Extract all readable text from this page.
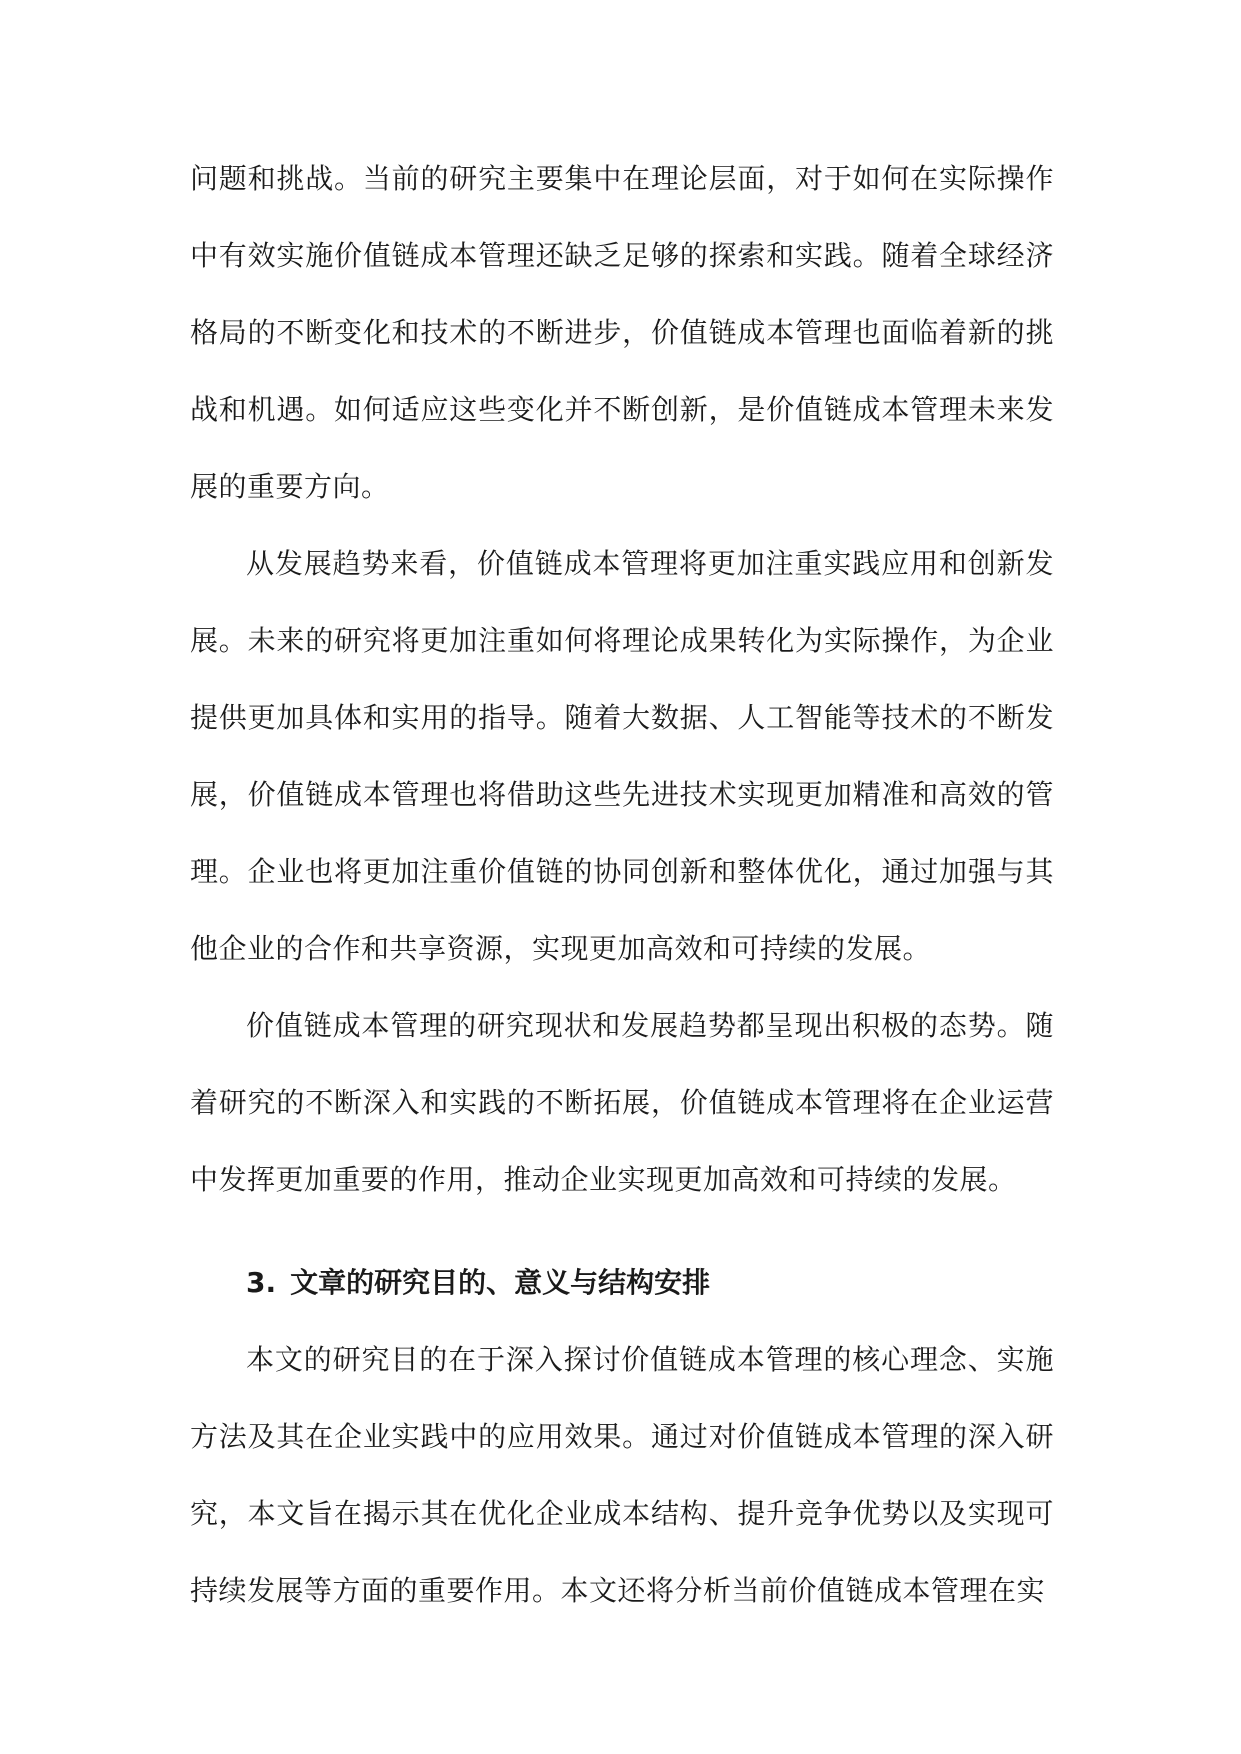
问题和挑战。当前的研究主要集中在理论层面，对于如何在实际操作中有效实施价值链成本管理还缺乏足够的探索和实践。随着全球经济格局的不断变化和技术的不断进步，价值链成本管理也面临着新的挑战和机遇。如何适应这些变化并不断创新，是价值链成本管理未来发展的重要方向。

从发展趋势来看，价值链成本管理将更加注重实践应用和创新发展。未来的研究将更加注重如何将理论成果转化为实际操作，为企业提供更加具体和实用的指导。随着大数据、人工智能等技术的不断发展，价值链成本管理也将借助这些先进技术实现更加精准和高效的管理。企业也将更加注重价值链的协同创新和整体优化，通过加强与其他企业的合作和共享资源，实现更加高效和可持续的发展。

价值链成本管理的研究现状和发展趋势都呈现出积极的态势。随着研究的不断深入和实践的不断拓展，价值链成本管理将在企业运营中发挥更加重要的作用，推动企业实现更加高效和可持续的发展。

3. 文章的研究目的、意义与结构安排

本文的研究目的在于深入探讨价值链成本管理的核心理念、实施方法及其在企业实践中的应用效果。通过对价值链成本管理的深入研究，本文旨在揭示其在优化企业成本结构、提升竞争优势以及实现可持续发展等方面的重要作用。本文还将分析当前价值链成本管理在实
